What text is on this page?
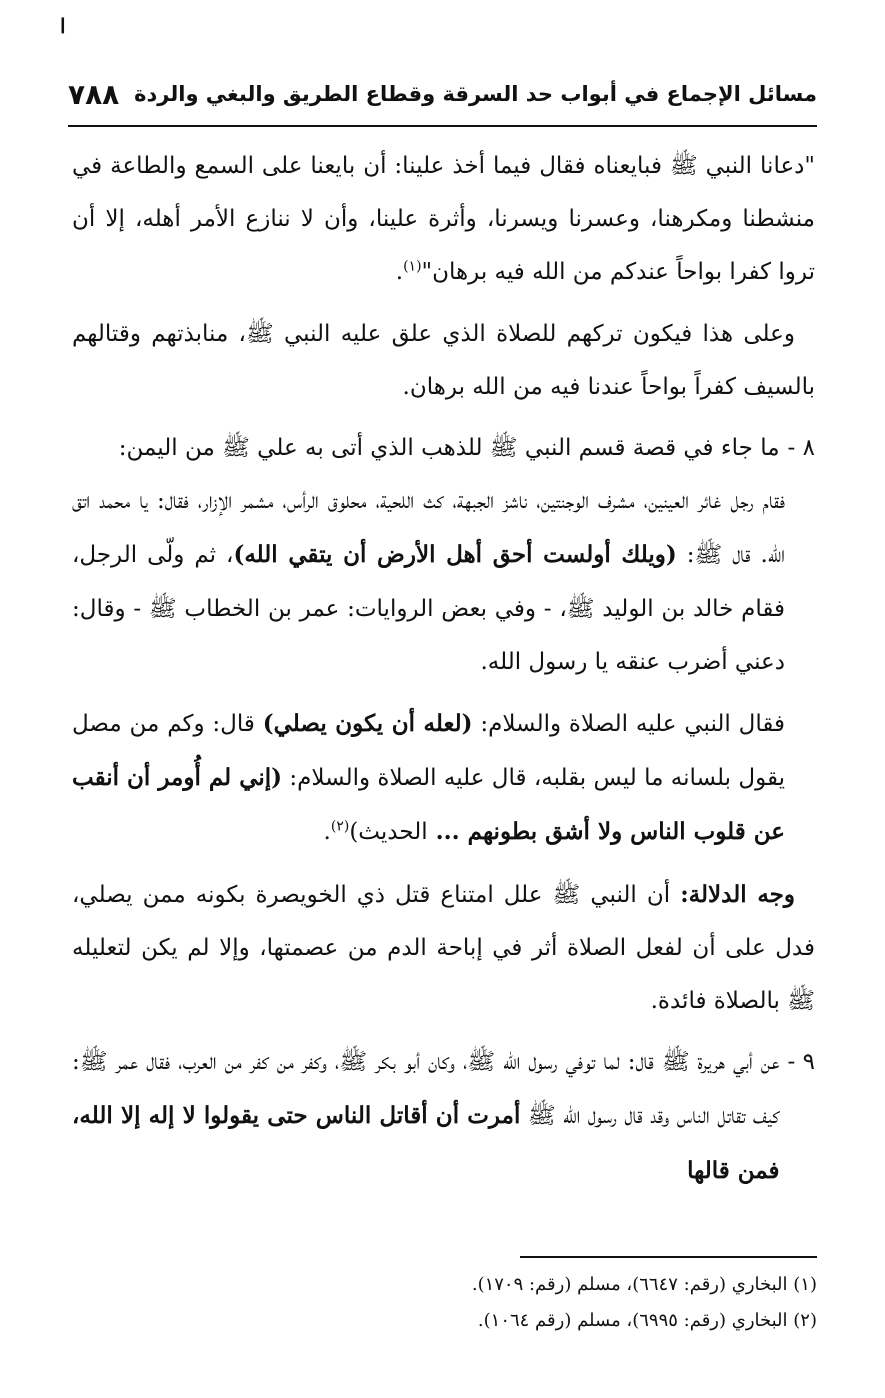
ا
مسائل الإجماع في أبواب حد السرقة وقطاع الطريق والبغي والردة
٧٨٨

"دعانا النبي ﷺ فبايعناه فقال فيما أخذ علينا: أن بايعنا على السمع والطاعة في منشطنا ومكرهنا، وعسرنا ويسرنا، وأثرة علينا، وأن لا ننازع الأمر أهله، إلا أن تروا كفرا بواحاً عندكم من الله فيه برهان"$^{(١)}$.

وعلى هذا فيكون تركهم للصلاة الذي علق عليه النبي ﷺ، منابذتهم وقتالهم بالسيف كفراً بواحاً عندنا فيه من الله برهان.

٨ -

ما جاء في قصة قسم النبي ﷺ للذهب الذي أتى به علي ﷺ من اليمن:

فقام رجل غائر العينين، مشرف الوجنتين، ناشز الجبهة، كث اللحية، محلوق الرأس، مشمر الإزار، فقال: يا محمد اتق الله. قال ﷺ: (ويلك أولست أحق أهل الأرض أن يتقي الله)، ثم ولّى الرجل، فقام خالد بن الوليد ﷺ، - وفي بعض الروايات: عمر بن الخطاب ﷺ - وقال: دعني أضرب عنقه يا رسول الله.

فقال النبي عليه الصلاة والسلام: (لعله أن يكون يصلي) قال: وكم من مصل يقول بلسانه ما ليس بقلبه، قال عليه الصلاة والسلام: (إني لم أُومر أن أنقب عن قلوب الناس ولا أشق بطونهم ... الحديث)$^{(٢)}$.

وجه الدلالة: أن النبي ﷺ علل امتناع قتل ذي الخويصرة بكونه ممن يصلي، فدل على أن لفعل الصلاة أثر في إباحة الدم من عصمتها، وإلا لم يكن لتعليله ﷺ بالصلاة فائدة.

٩ -

عن أبي هريرة ﷺ قال: لما توفي رسول الله ﷺ، وكان أبو بكر ﷺ، وكفر من كفر من العرب، فقال عمر ﷺ: كيف تقاتل الناس وقد قال رسول الله ﷺ أمرت أن أقاتل الناس حتى يقولوا لا إله إلا الله، فمن قالها

(١) البخاري (رقم: ٦٦٤٧)، مسلم (رقم: ١٧٠٩).

(٢) البخاري (رقم: ٦٩٩٥)، مسلم (رقم ١٠٦٤).
